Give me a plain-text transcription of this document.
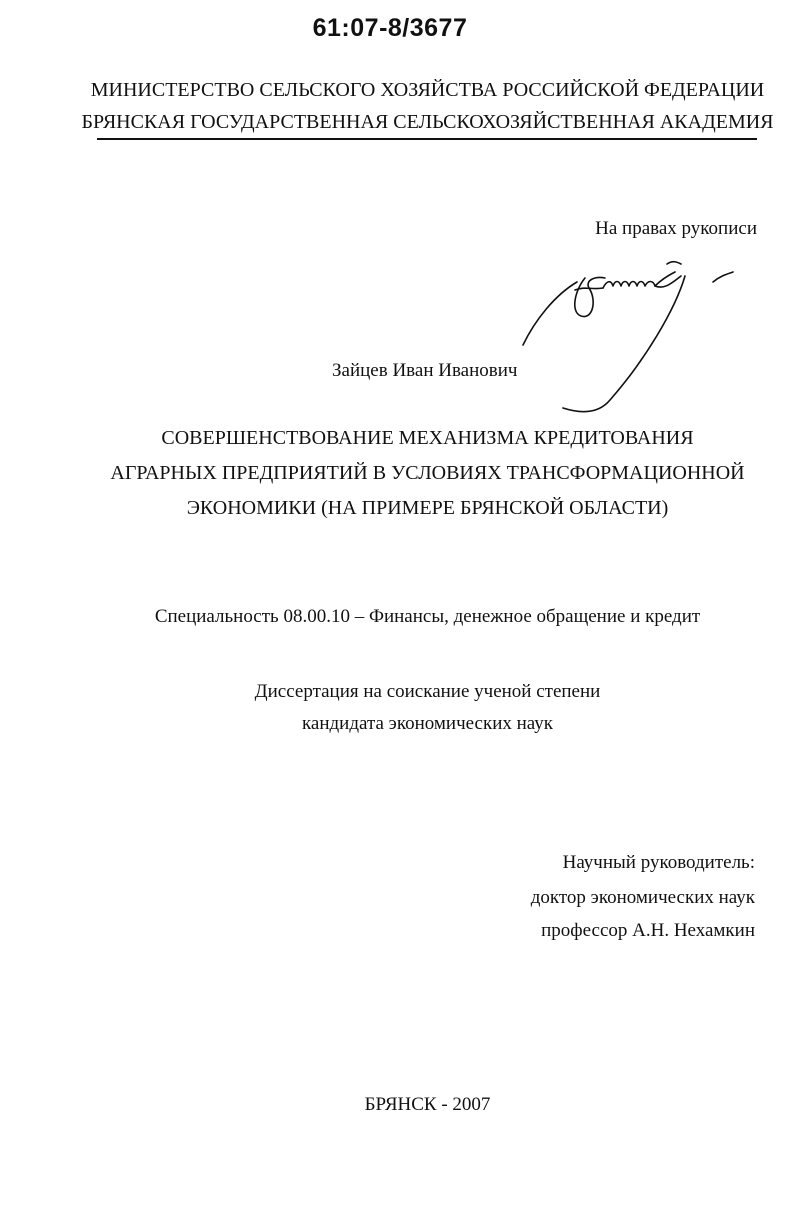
61:07-8/3677
МИНИСТЕРСТВО СЕЛЬСКОГО ХОЗЯЙСТВА РОССИЙСКОЙ ФЕДЕРАЦИИ
БРЯНСКАЯ ГОСУДАРСТВЕННАЯ СЕЛЬСКОХОЗЯЙСТВЕННАЯ АКАДЕМИЯ
На правах рукописи
Зайцев Иван Иванович
СОВЕРШЕНСТВОВАНИЕ МЕХАНИЗМА КРЕДИТОВАНИЯ
АГРАРНЫХ ПРЕДПРИЯТИЙ В УСЛОВИЯХ ТРАНСФОРМАЦИОННОЙ
ЭКОНОМИКИ (НА ПРИМЕРЕ БРЯНСКОЙ ОБЛАСТИ)
Специальность 08.00.10 – Финансы, денежное обращение и кредит
Диссертация на соискание ученой степени
кандидата экономических наук
Научный руководитель:
доктор экономических наук
профессор А.Н. Нехамкин
БРЯНСК - 2007
